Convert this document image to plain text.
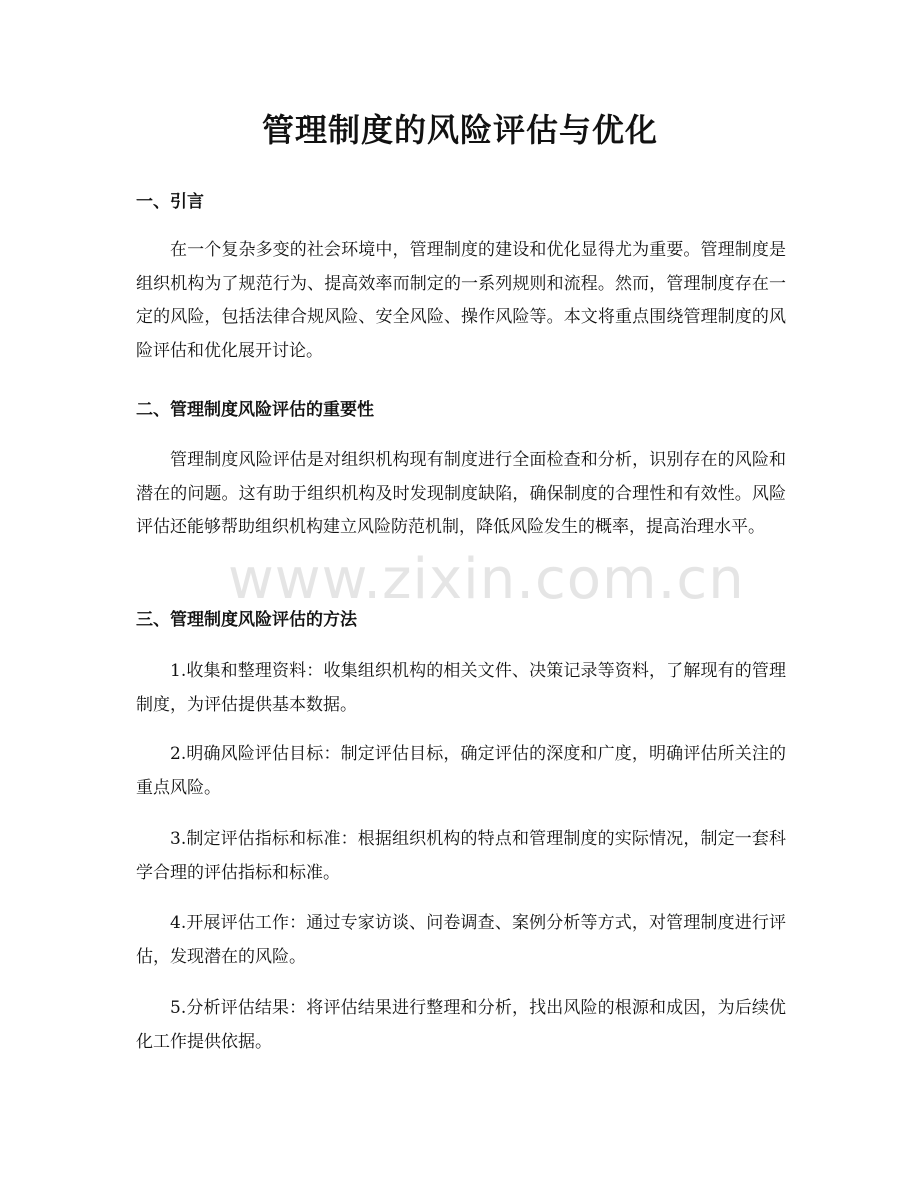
管理制度的风险评估与优化
一、引言

在一个复杂多变的社会环境中，管理制度的建设和优化显得尤为重要。管理制度是组织机构为了规范行为、提高效率而制定的一系列规则和流程。然而，管理制度存在一定的风险，包括法律合规风险、安全风险、操作风险等。本文将重点围绕管理制度的风险评估和优化展开讨论。

二、管理制度风险评估的重要性

管理制度风险评估是对组织机构现有制度进行全面检查和分析，识别存在的风险和潜在的问题。这有助于组织机构及时发现制度缺陷，确保制度的合理性和有效性。风险评估还能够帮助组织机构建立风险防范机制，降低风险发生的概率，提高治理水平。

三、管理制度风险评估的方法

1.收集和整理资料：收集组织机构的相关文件、决策记录等资料，了解现有的管理制度，为评估提供基本数据。

2.明确风险评估目标：制定评估目标，确定评估的深度和广度，明确评估所关注的重点风险。

3.制定评估指标和标准：根据组织机构的特点和管理制度的实际情况，制定一套科学合理的评估指标和标准。

4.开展评估工作：通过专家访谈、问卷调查、案例分析等方式，对管理制度进行评估，发现潜在的风险。

5.分析评估结果：将评估结果进行整理和分析，找出风险的根源和成因，为后续优化工作提供依据。

www.zixin.com.cn
